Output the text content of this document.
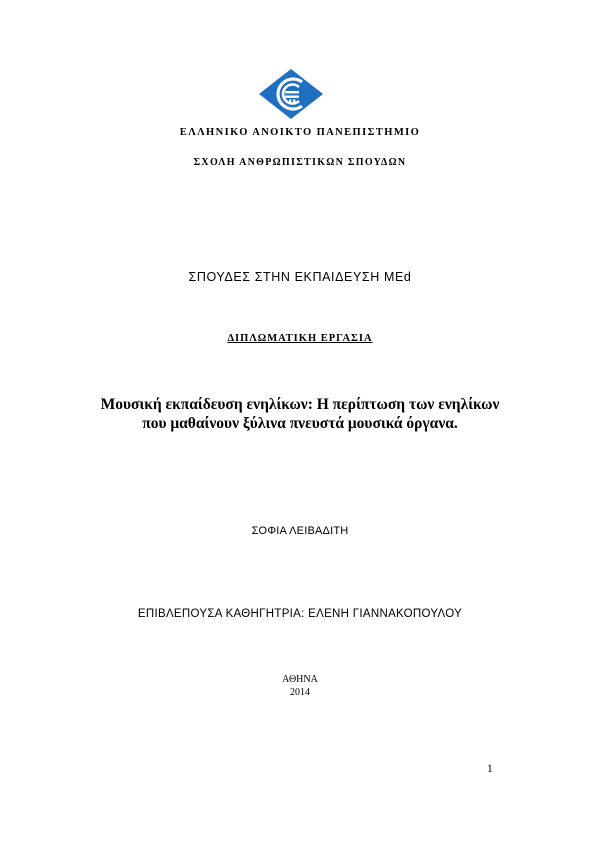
ΕΛΛΗΝΙΚΟ ΑΝΟΙΚΤΟ ΠΑΝΕΠΙΣΤΗΜΙΟ
ΣΧΟΛΗ ΑΝΘΡΩΠΙΣΤΙΚΩΝ ΣΠΟΥΔΩΝ
ΣΠΟΥΔΕΣ ΣΤΗΝ ΕΚΠΑΙΔΕΥΣΗ MEd
ΔΙΠΛΩΜΑΤΙΚΗ ΕΡΓΑΣΙΑ
Μουσική εκπαίδευση ενηλίκων: Η περίπτωση των ενηλίκων
που μαθαίνουν ξύλινα πνευστά μουσικά όργανα.
ΣΟΦΙΑ ΛΕΙΒΑΔΙΤΗ
ΕΠΙΒΛΕΠΟΥΣΑ ΚΑΘΗΓΗΤΡΙΑ: ΕΛΕΝΗ ΓΙΑΝΝΑΚΟΠΟΥΛΟΥ
ΑΘΗΝΑ
2014
1
